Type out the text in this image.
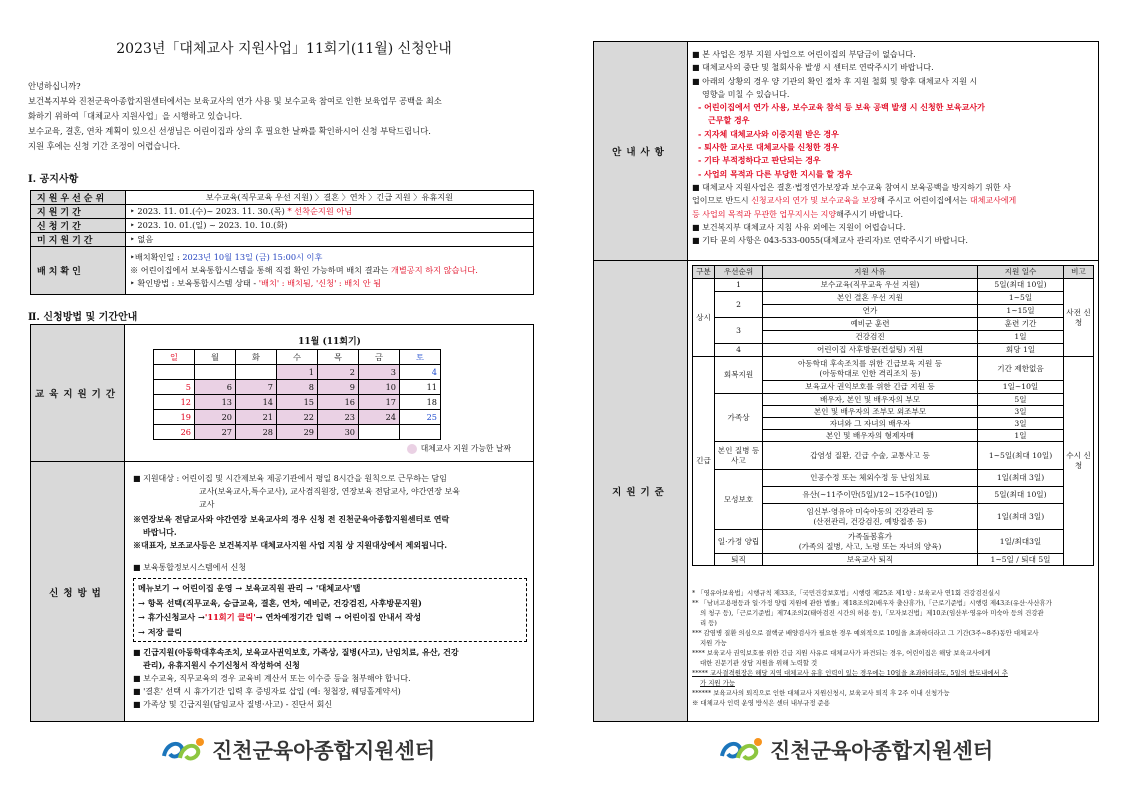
2023년「대체교사 지원사업」11회기(11월) 신청안내

안녕하십니까?

보건복지부와 진천군육아종합지원센터에서는 보육교사의 연가 사용 및 보수교육 참여로 인한 보육업무 공백을 최소

화하기 위하여「대체교사 지원사업」을 시행하고 있습니다.

보수교육, 결혼, 연차 계획이 있으신 선생님은 어린이집과 상의 후 필요한 날짜를 확인하시어 신청 부탁드립니다.

지원 후에는 신청 기간 조정이 어렵습니다.

Ⅰ. 공지사항
지원우선순위	보수교육(직무교육 우선 지원) 〉결혼 〉연차 〉긴급 지원 〉유휴지원
지원기간	‣ 2023. 11. 01.(수)~ 2023. 11. 30.(목) * 선착순지원 아님
신청기간	‣ 2023. 10. 01.(일) ~ 2023. 10. 10.(화)
미지원기간	‣ 없음
배치확인	‣배치확인일 : 2023년 10월 13일 (금) 15:00시 이후
※ 어린이집에서 보육통합시스템을 통해 직접 확인 가능하며 배치 결과는 개별공지 하지 않습니다.
‣ 확인방법 : 보육통합시스템 상태 - '배치' : 배치됨, '신청' : 배치 안 됨
Ⅱ. 신청방법 및 기간안내
교육지원기간
11월 (11회기)
일	월	화	수	목	금	토
			1	2	3	4
5	6	7	8	9	10	11
12	13	14	15	16	17	18
19	20	21	22	23	24	25
26	27	28	29	30		
대체교사 지원 가능한 날짜
신청방법

■ 지원대상 : 어린이집 및 시간제보육 제공기관에서 평일 8시간을 원칙으로 근무하는 담임

교사(보육교사,특수교사), 교사겸직원장, 연장보육 전담교사, 야간연장 보육

교사

※연장보육 전담교사와 야간연장 보육교사의 경우 신청 전 진천군육아종합지원센터로 연락

바랍니다.

※대표자, 보조교사등은 보건복지부 대체교사지원 사업 지침 상 지원대상에서 제외됩니다.

■ 보육통합정보시스템에서 신청

메뉴보기 → 어린이집 운영 → 보육교직원 관리 → '대체교사'탭
→ 항목 선택(직무교육, 승급교육, 결혼, 연차, 예비군, 건강검진, 사후방문지원)
→ 휴가신청교사 →'11회기 클릭'→ 연차예정기간 입력 → 어린이집 안내서 작성
→ 저장 클릭

■ 긴급지원(아동학대후속조치, 보육교사권익보호, 가족상, 질병(사고), 난임치료, 유산, 건강

관리), 유휴지원시 수기신청서 작성하여 신청

■ 보수교육, 직무교육의 경우 교육비 계산서 또는 이수증 등을 첨부해야 합니다.

■ '결혼' 선택 시 휴가기간 입력 후 증빙자료 삽입 (예: 청첩장, 웨딩홀계약서)

■ 가족상 및 긴급지원(담임교사 질병·사고) - 진단서 회신

진천군육아종합지원센터
안내사항

■ 본 사업은 정부 지원 사업으로 어린이집의 부담금이 없습니다.

■ 대체교사의 중단 및 철회사유 발생 시 센터로 연락주시기 바랍니다.

■ 아래의 상황의 경우 양 기관의 확인 절차 후 지원 철회 및 향후 대체교사 지원 시

영향을 미칠 수 있습니다.

- 어린이집에서 연가 사용, 보수교육 참석 등 보육 공백 발생 시 신청한 보육교사가

근무할 경우

- 지자체 대체교사와 이중지원 받은 경우

- 퇴사한 교사로 대체교사를 신청한 경우

- 기타 부적정하다고 판단되는 경우

- 사업의 목적과 다른 부당한 지시를 할 경우

■ 대체교사 지원사업은 결혼·법정연가보장과 보수교육 참여시 보육공백을 방지하기 위한 사

업이므로 반드시 신청교사의 연가 및 보수교육을 보장해 주시고 어린이집에서는 대체교사에게

등 사업의 목적과 무관한 업무지시는 지양해주시기 바랍니다.

■ 보건복지부 대체교사 지침 사유 외에는 지원이 어렵습니다.

■ 기타 문의 사항은 043-533-0055(대체교사 관리자)로 연락주시기 바랍니다.

지원기준
구분	우선순위	지원 사유	지원 일수	비고
상시	1	보수교육(직무교육 우선 지원)	5일(최대 10일)	사전 신청
	2	본인 결혼 우선 지원	1~5일	
		연가	1~15일	
	3	예비군 훈련	훈련 기간	
		건강검진	1일	
	4	어린이집 사후방문(컨설팅) 지원	회당 1일	
긴급	회복지원	아동학대 후속조치를 위한 긴급보육 지원 등
(아동학대로 인한 격리조치 등)	기간 제한없음	수시 신청
		보육교사 권익보호를 위한 긴급 지원 등	1일~10일	
	가족상	배우자, 본인 및 배우자의 부모	5일	
		본인 및 배우자의 조부모 외조부모	3일	
		자녀와 그 자녀의 배우자	3일	
		본인 및 배우자의 형제자매	1일	
	본인 질병 등 사고	갑염성 질환, 긴급 수술, 교통사고 등	1~5일(최대 10일)	
	모성보호	인공수정 또는 체외수정 등 난임치료	1일(최대 3일)	
		유산(~11주이만(5일)/12~15주(10일))	5일(최대 10일)	

		임신부·영유아 미숙아동의 건강관리 등
(산전관리, 건강검진, 예방접종 등)	1일(최대 3일)	
	일·가정 양립	가족돌봄휴가
(가족의 질병, 사고, 노령 또는 자녀의 양육)	1일/최대3일	
	퇴직	보육교사 퇴직	1~5일 / 퇴대 5일	

* 「영유아보육법」시행규칙 제33조,「국민건강보호법」시행령 제25조 제1항 : 보육교사 연1회 건강검진실시

** 「남녀고용평등과 일·가정 양립 지원에 관한 법률」제18조의2(배우자 출산휴가),「근로기준법」시행령 제43조(유산·사산휴가

의 청구 등),「근로기준법」제74조의2(태아검진 시간의 허용 등),「모자보건법」제10조(임산부·영유아 미숙아 등의 건강관

리 등)

*** 감염병 질환 의심으로 결핵균 배양검사가 필요한 경우 예외적으로 10일을 초과하더라고 그 기간(3주~8주)동안 대체교사

지원 가능

**** 보육교사 권익보호를 위한 긴급 지원 사유로 대체교사가 파견되는 경우, 어린이집은 해당 보육교사에게

대한 진문기관 상담 지원을 위해 노력할 것

***** 교사결격원장은 해당 지역 대체교사 유휴 인력이 있는 경우에는 10일을 초과하더라도, 5일의 한도내에서 추

가 지원 가능

****** 보육교사의 퇴직으로 인한 대체교사 지원신청시, 보육교사 퇴직 후 2주 이내 신청가능

※ 대체교사 인력 운영 방식은 센터 내부규정 준용

진천군육아종합지원센터
